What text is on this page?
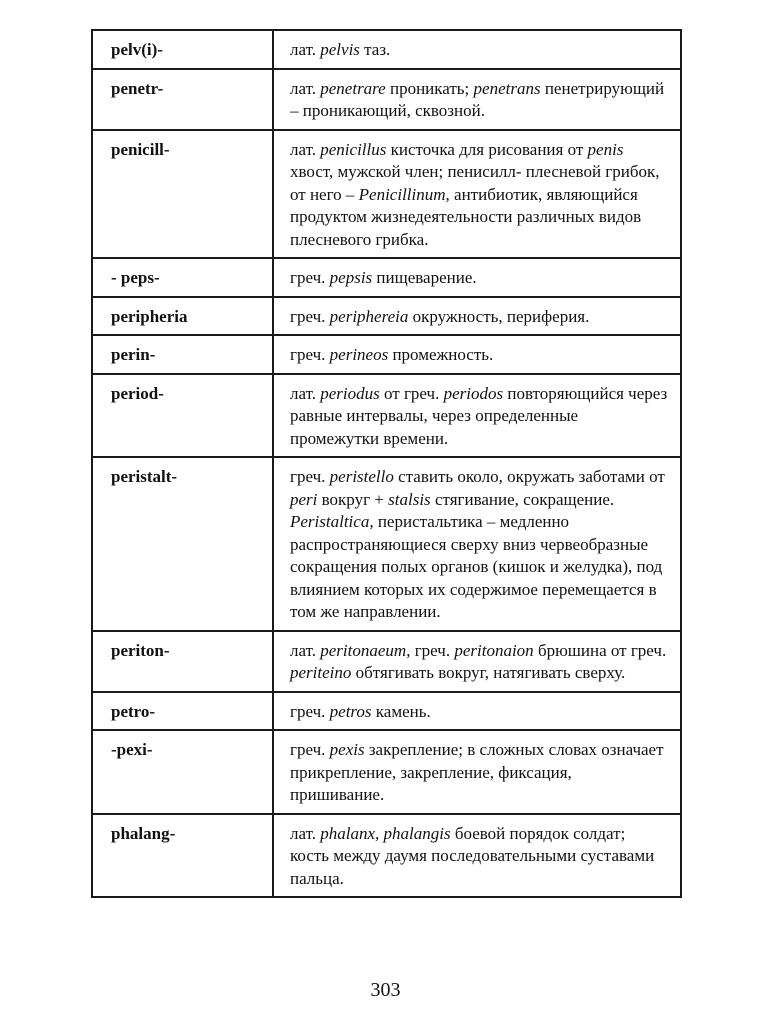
pelv(i)-	лат. pelvis таз.
penetr-	лат. penetrare проникать; penetrans пенетрирующий – проникающий, сквозной.
penicill-	лат. penicillus кисточка для рисования от penis хвост, мужской член; пенисилл- плесневой грибок, от него – Penicillinum, антибиотик, являющийся продуктом жизнедеятельности различных видов плесневого грибка.
- peps-	греч. pepsis пищеварение.
peripheria	греч. periphereia окружность, периферия.
perin-	греч. perineos промежность.
period-	лат. periodus от греч. periodos повторяющийся через равные интервалы, через определенные промежутки времени.
peristalt-	греч. peristello ставить около, окружать заботами от peri вокруг + stalsis стягивание, сокращение. Peristaltica, перистальтика – медленно распространяющиеся сверху вниз червеобразные сокращения полых органов (кишок и желудка), под влиянием которых их содержимое перемещается в том же направлении.
periton-	лат. peritonaeum, греч. peritonaion брюшина от греч. periteino обтягивать вокруг, натягивать сверху.
petro-	греч. petros камень.
-pexi-	греч. pexis закрепление; в сложных словах означает прикрепление, закрепление, фиксация, пришивание.
phalang-	лат. phalanx, phalangis боевой порядок солдат; кость между даумя последовательными суставами пальца.
303
